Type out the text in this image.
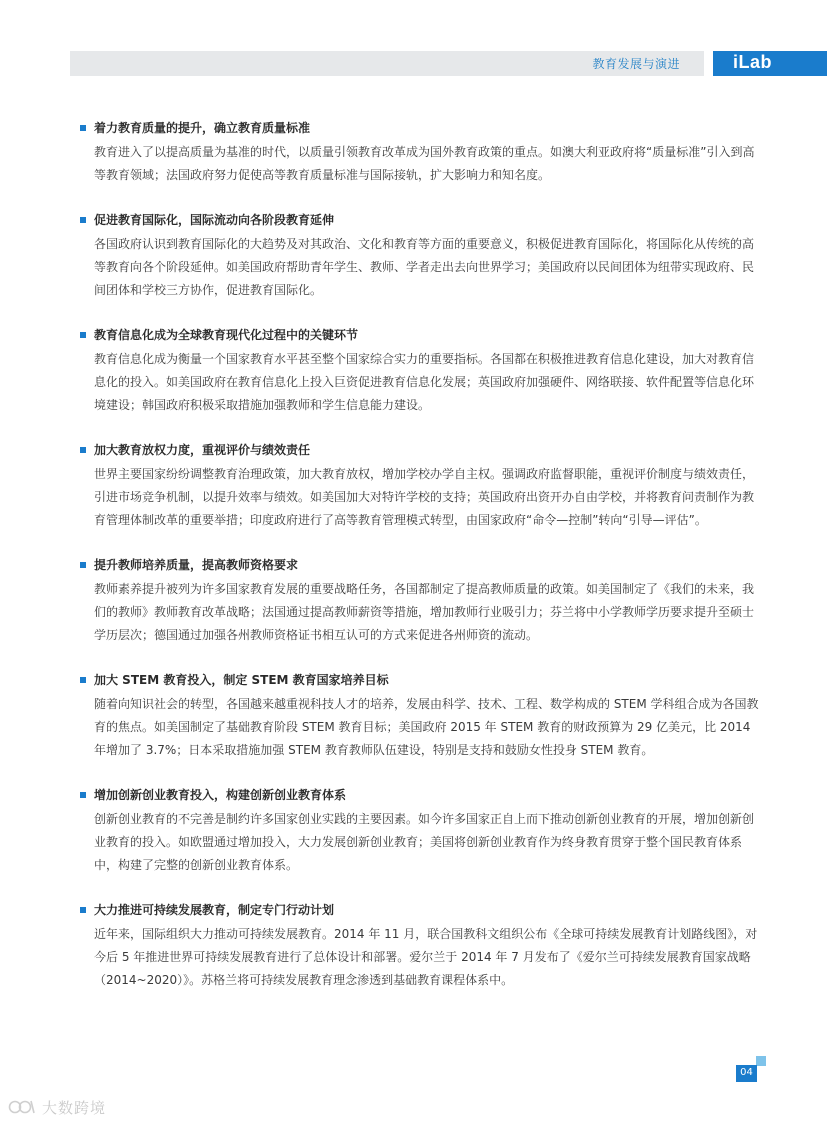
教育发展与演进	iLab
着力教育质量的提升，确立教育质量标准
教育进入了以提高质量为基准的时代，以质量引领教育改革成为国外教育政策的重点。如澳大利亚政府将“质量标准”引入到高等教育领域；法国政府努力促使高等教育质量标准与国际接轨，扩大影响力和知名度。
促进教育国际化，国际流动向各阶段教育延伸
各国政府认识到教育国际化的大趋势及对其政治、文化和教育等方面的重要意义，积极促进教育国际化，将国际化从传统的高等教育向各个阶段延伸。如美国政府帮助青年学生、教师、学者走出去向世界学习；美国政府以民间团体为纽带实现政府、民间团体和学校三方协作，促进教育国际化。
教育信息化成为全球教育现代化过程中的关键环节
教育信息化成为衡量一个国家教育水平甚至整个国家综合实力的重要指标。各国都在积极推进教育信息化建设，加大对教育信息化的投入。如美国政府在教育信息化上投入巨资促进教育信息化发展；英国政府加强硬件、网络联接、软件配置等信息化环境建设；韩国政府积极采取措施加强教师和学生信息能力建设。
加大教育放权力度，重视评价与绩效责任
世界主要国家纷纷调整教育治理政策，加大教育放权，增加学校办学自主权。强调政府监督职能，重视评价制度与绩效责任，引进市场竞争机制，以提升效率与绩效。如美国加大对特许学校的支持；英国政府出资开办自由学校，并将教育问责制作为教育管理体制改革的重要举措；印度政府进行了高等教育管理模式转型，由国家政府“命令—控制”转向“引导—评估”。
提升教师培养质量，提高教师资格要求
教师素养提升被列为许多国家教育发展的重要战略任务，各国都制定了提高教师质量的政策。如美国制定了《我们的未来，我们的教师》教师教育改革战略；法国通过提高教师薪资等措施，增加教师行业吸引力；芬兰将中小学教师学历要求提升至硕士学历层次；德国通过加强各州教师资格证书相互认可的方式来促进各州师资的流动。
加大 STEM 教育投入，制定 STEM 教育国家培养目标
随着向知识社会的转型，各国越来越重视科技人才的培养，发展由科学、技术、工程、数学构成的 STEM 学科组合成为各国教育的焦点。如美国制定了基础教育阶段 STEM 教育目标；美国政府 2015 年 STEM 教育的财政预算为 29 亿美元，比 2014 年增加了 3.7%；日本采取措施加强 STEM 教育教师队伍建设，特别是支持和鼓励女性投身 STEM 教育。
增加创新创业教育投入，构建创新创业教育体系
创新创业教育的不完善是制约许多国家创业实践的主要因素。如今许多国家正自上而下推动创新创业教育的开展，增加创新创业教育的投入。如欧盟通过增加投入，大力发展创新创业教育；美国将创新创业教育作为终身教育贯穿于整个国民教育体系中，构建了完整的创新创业教育体系。
大力推进可持续发展教育，制定专门行动计划
近年来，国际组织大力推动可持续发展教育。2014 年 11 月，联合国教科文组织公布《全球可持续发展教育计划路线图》，对今后 5 年推进世界可持续发展教育进行了总体设计和部署。爱尔兰于 2014 年 7 月发布了《爱尔兰可持续发展教育国家战略（2014~2020）》。苏格兰将可持续发展教育理念渗透到基础教育课程体系中。
04
大数跨境
